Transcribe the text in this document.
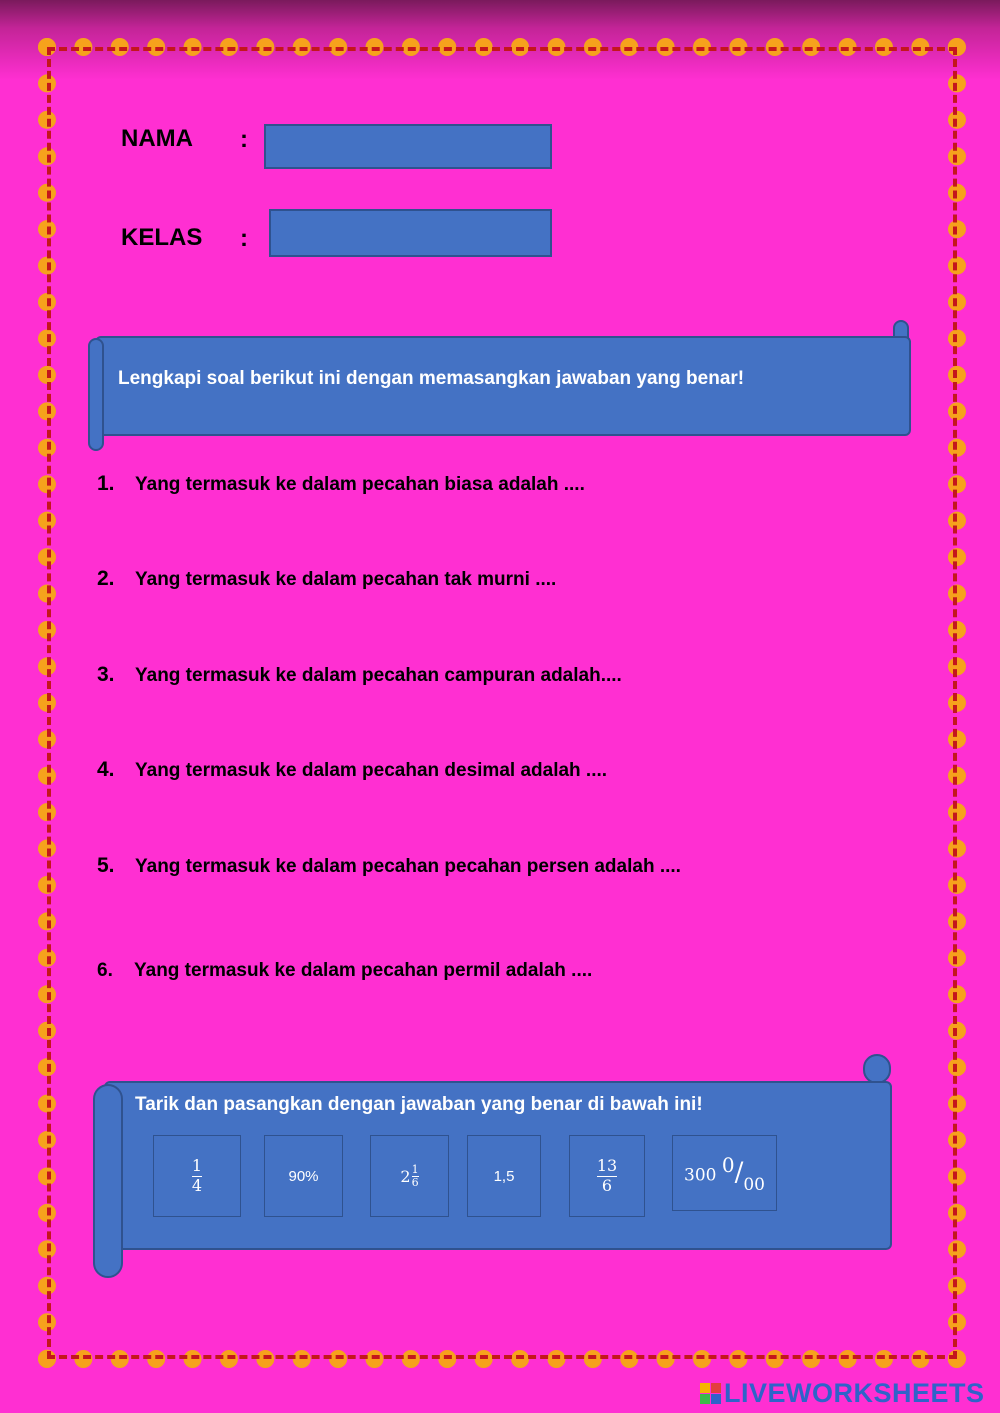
NAMA :
KELAS :
Lengkapi soal berikut ini dengan memasangkan jawaban yang benar!
1. Yang termasuk ke dalam pecahan biasa adalah ....
2. Yang termasuk ke dalam pecahan tak murni ....
3. Yang termasuk ke dalam pecahan campuran adalah....
4. Yang termasuk ke dalam pecahan desimal adalah ....
5. Yang termasuk ke dalam pecahan pecahan persen adalah ....
6. Yang termasuk ke dalam pecahan permil adalah ....
Tarik dan pasangkan dengan jawaban yang benar di bawah ini!
$\frac{1}{4}$	90%	$2 \frac{1}{6}$	1,5	$\frac{13}{6}$	300 $^0/_{00}$
LIVEWORKSHEETS
